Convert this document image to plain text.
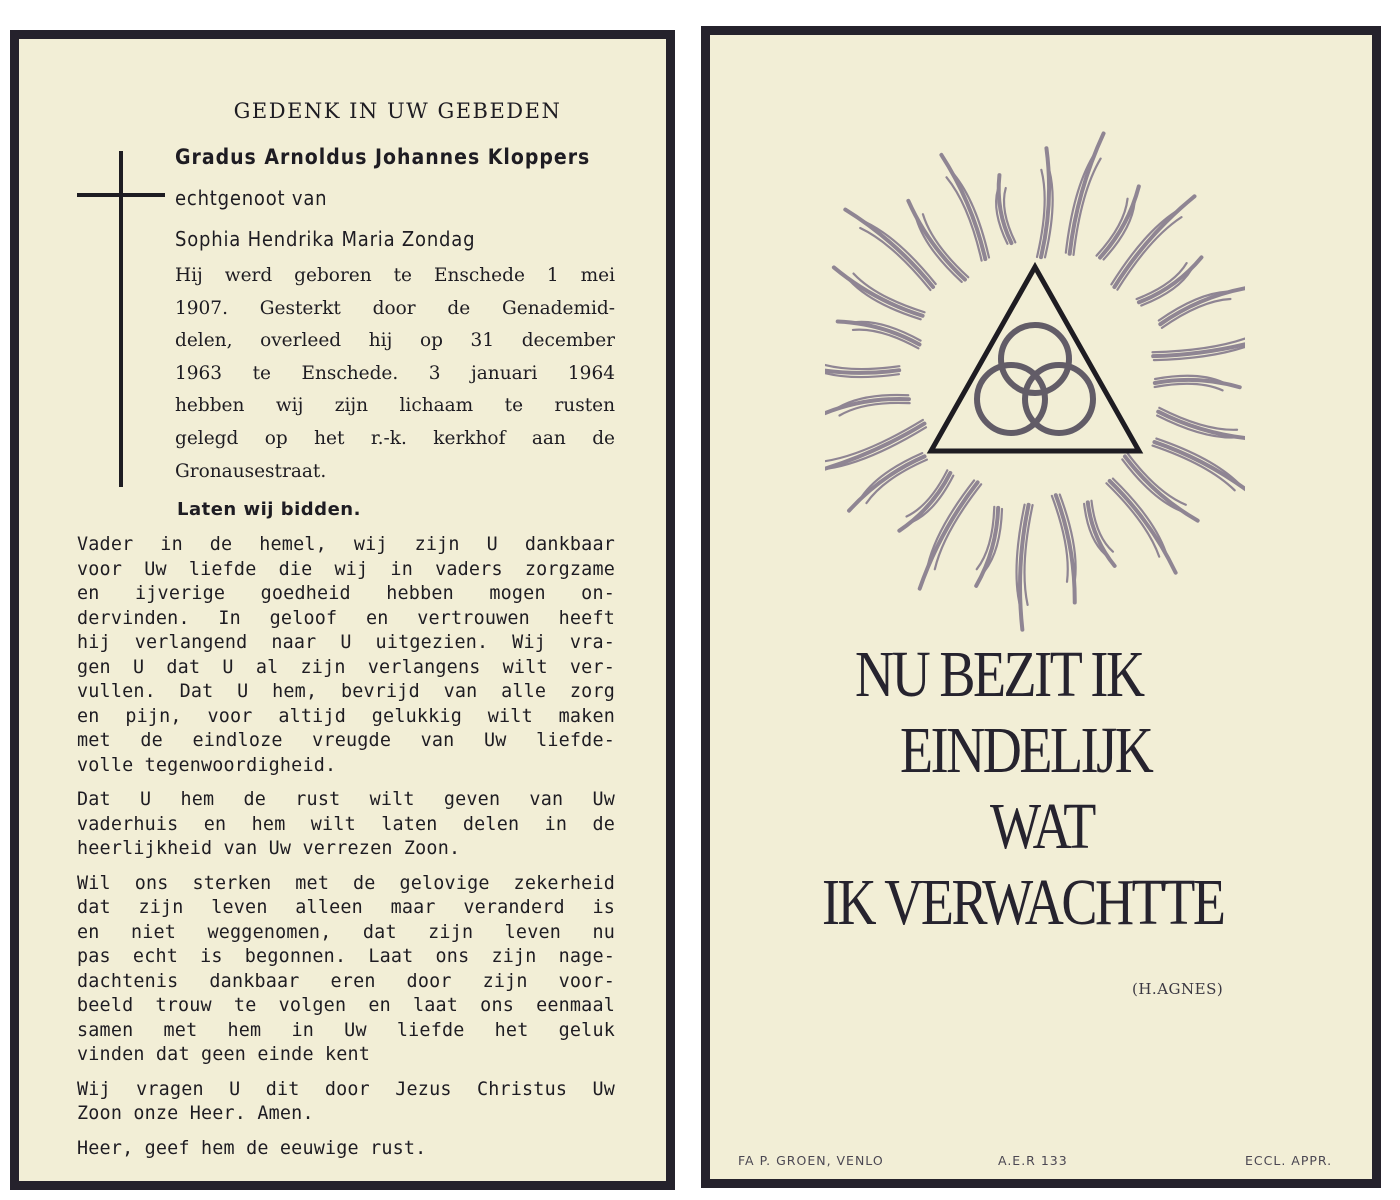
GEDENK IN UW GEBEDEN
Gradus Arnoldus Johannes Kloppers
echtgenoot van
Sophia Hendrika Maria Zondag
Hij werd geboren te Enschede 1 mei
1907. Gesterkt door de Genademid-
delen, overleed hij op 31 december
1963 te Enschede. 3 januari 1964
hebben wij zijn lichaam te rusten
gelegd op het r.-k. kerkhof aan de
Gronausestraat.
Laten wij bidden.
Vader in de hemel, wij zijn U dankbaar
voor Uw liefde die wij in vaders zorgzame
en ijverige goedheid hebben mogen on-
dervinden. In geloof en vertrouwen heeft
hij verlangend naar U uitgezien. Wij vra-
gen U dat U al zijn verlangens wilt ver-
vullen. Dat U hem, bevrijd van alle zorg
en pijn, voor altijd gelukkig wilt maken
met de eindloze vreugde van Uw liefde-
volle tegenwoordigheid.
Dat U hem de rust wilt geven van Uw
vaderhuis en hem wilt laten delen in de
heerlijkheid van Uw verrezen Zoon.
Wil ons sterken met de gelovige zekerheid
dat zijn leven alleen maar veranderd is
en niet weggenomen, dat zijn leven nu
pas echt is begonnen. Laat ons zijn nage-
dachtenis dankbaar eren door zijn voor-
beeld trouw te volgen en laat ons eenmaal
samen met hem in Uw liefde het geluk
vinden dat geen einde kent
Wij vragen U dit door Jezus Christus Uw
Zoon onze Heer. Amen.
Heer, geef hem de eeuwige rust.
NU BEZIT IK
EINDELIJK
WAT
IK VERWACHTTE
(H.AGNES)
FA P. GROEN, VENLO	A.E.R 133	ECCL. APPR.
